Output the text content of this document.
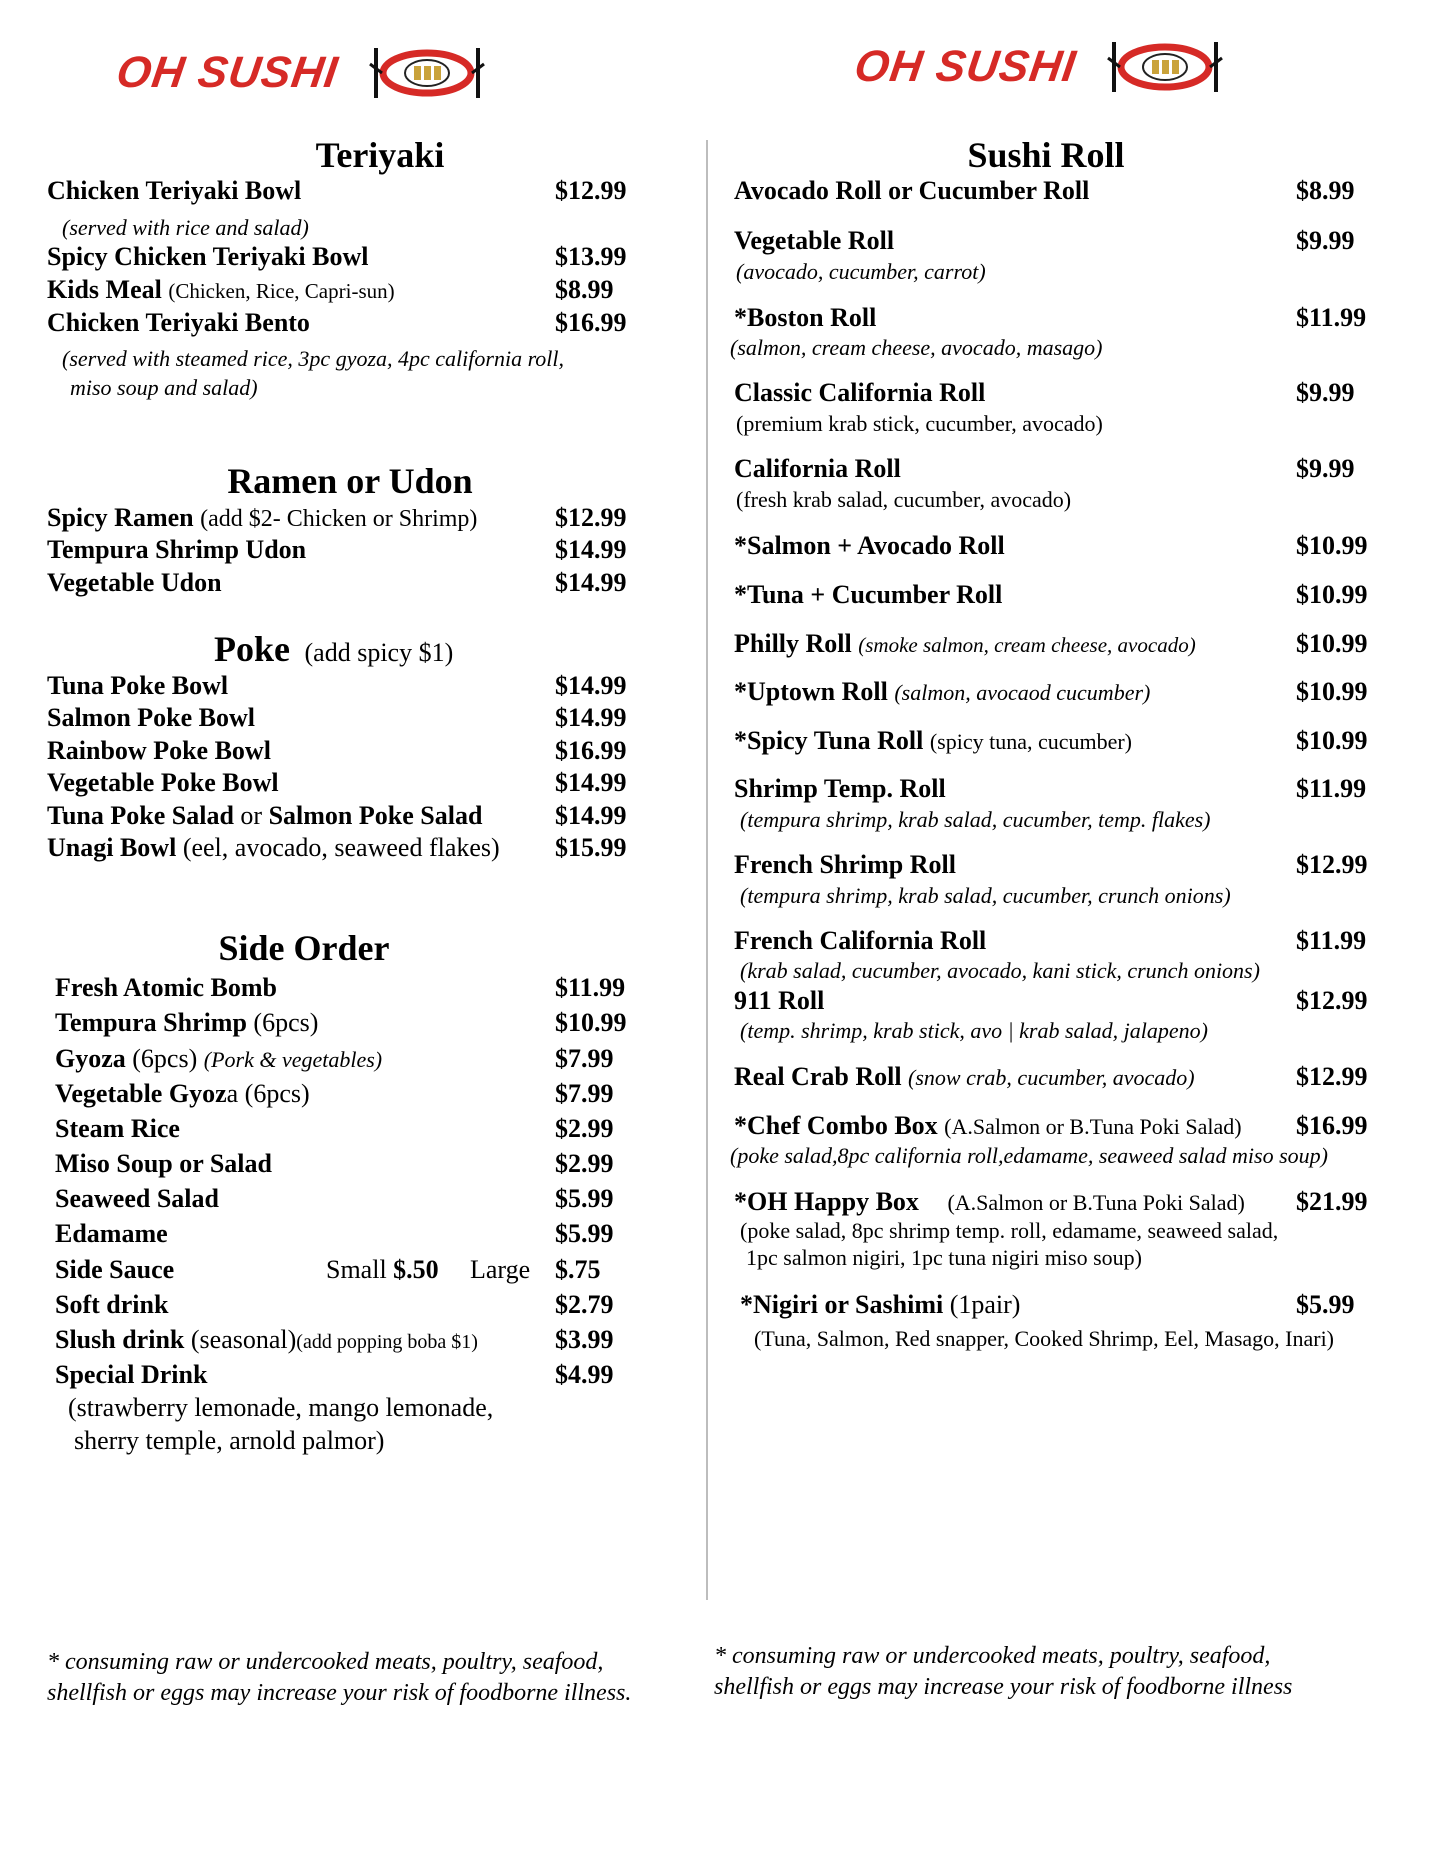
OH SUSHI	OH SUSHI
Teriyaki
Chicken Teriyaki Bowl	$12.99
(served with rice and salad)
Spicy Chicken Teriyaki Bowl	$13.99
Kids Meal (Chicken, Rice, Capri-sun)	$8.99
Chicken Teriyaki Bento	$16.99
(served with steamed rice, 3pc gyoza, 4pc california roll,
miso soup and salad)
Ramen or Udon
Spicy Ramen (add $2- Chicken or Shrimp)	$12.99
Tempura Shrimp Udon	$14.99
Vegetable Udon	$14.99
Poke (add spicy $1)
Tuna Poke Bowl	$14.99
Salmon Poke Bowl	$14.99
Rainbow Poke Bowl	$16.99
Vegetable Poke Bowl	$14.99
Tuna Poke Salad or Salmon Poke Salad	$14.99
Unagi Bowl (eel, avocado, seaweed flakes) $15.99
Side Order
Fresh Atomic Bomb	$11.99
Tempura Shrimp (6pcs)	$10.99
Gyoza (6pcs) (Pork & vegetables)	$7.99
Vegetable Gyoza (6pcs)	$7.99
Steam Rice	$2.99
Miso Soup or Salad	$2.99
Seaweed Salad	$5.99
Edamame	$5.99
Side Sauce	Small $.50 Large $.75
Soft drink	$2.79
Slush drink (seasonal)(add popping boba $1)	$3.99
Special Drink	$4.99
(strawberry lemonade, mango lemonade,
sherry temple, arnold palmor)
* consuming raw or undercooked meats, poultry, seafood,
shellfish or eggs may increase your risk of foodborne illness.
Sushi Roll
Avocado Roll or Cucumber Roll	$8.99
Vegetable Roll	$9.99
(avocado, cucumber, carrot)
*Boston Roll	$11.99
(salmon, cream cheese, avocado, masago)
Classic California Roll	$9.99
(premium krab stick, cucumber, avocado)
California Roll	$9.99
(fresh krab salad, cucumber, avocado)
*Salmon + Avocado Roll	$10.99
*Tuna + Cucumber Roll	$10.99
Philly Roll (smoke salmon, cream cheese, avocado)	$10.99
*Uptown Roll (salmon, avocaod cucumber)	$10.99
*Spicy Tuna Roll (spicy tuna, cucumber)	$10.99
Shrimp Temp. Roll	$11.99
(tempura shrimp, krab salad, cucumber, temp. flakes)
French Shrimp Roll	$12.99
(tempura shrimp, krab salad, cucumber, crunch onions)
French California Roll	$11.99
(krab salad, cucumber, avocado, kani stick, crunch onions)
911 Roll	$12.99
(temp. shrimp, krab stick, avo | krab salad, jalapeno)
Real Crab Roll (snow crab, cucumber, avocado)	$12.99
*Chef Combo Box (A.Salmon or B.Tuna Poki Salad) $16.99
(poke salad,8pc california roll,edamame, seaweed salad miso soup)
*OH Happy Box (A.Salmon or B.Tuna Poki Salad) $21.99
(poke salad, 8pc shrimp temp. roll, edamame, seaweed salad,
1pc salmon nigiri, 1pc tuna nigiri miso soup)
*Nigiri or Sashimi (1pair)	$5.99
(Tuna, Salmon, Red snapper, Cooked Shrimp, Eel, Masago, Inari)
* consuming raw or undercooked meats, poultry, seafood,
shellfish or eggs may increase your risk of foodborne illness
